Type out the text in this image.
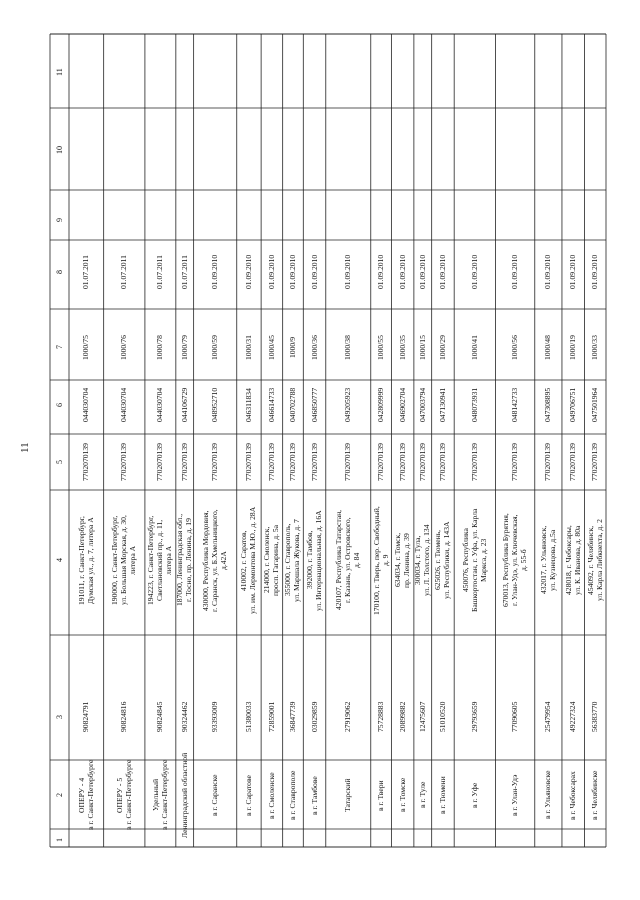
11
1
2
3
4
5
6
7
8
9
10
11
ОПЕРУ - 4 в г. Санкт-Петербурге
90824791
191011, г. Санкт-Петербург, Думская ул., д. 7, литера А
7702070139
044030704
1000/75
01.07.2011
ОПЕРУ - 5 в г. Санкт-Петербурге
90824816
190000, г. Санкт-Петербург, ул. Большая Морская, д. 30, литера А
7702070139
044030704
1000/76
01.07.2011
Удельный в г. Санкт-Петербурге
90824845
194223, г. Санкт-Петербург, Светлановский пр., д. 11, литера А
7702070139
044030704
1000/78
01.07.2011
Ленинградский областной
90324462
187000, Ленинградская обл., г. Тосно, пр. Ленина, д. 19
7702070139
044106729
1000/79
01.07.2011
в г. Саранске
93393009
430000, Республика Мордовия, г. Саранск, ул. Б.Хмельницкого, д.42А
7702070139
048952710
1000/59
01.09.2010
в г. Саратове
51380033
410002, г. Саратов, ул. им. Лермонтова М.Ю., д. 28А
7702070139
046311834
1000/31
01.09.2010
в г. Смоленске
72859001
214000, г. Смоленск, просп. Гагарина, д. 5а
7702070139
046614733
1000/45
01.09.2010
в г. Ставрополе
36847739
355000, г. Ставрополь, ул. Маршала Жукова, д. 7
7702070139
040702788
1000/9
01.09.2010
в г. Тамбове
03029859
392000, г. Тамбов, ул. Интернациональная, д. 16А
7702070139
046850777
1000/36
01.09.2010
Татарский
27919062
420107, Республика Татарстан, г. Казань, ул. Островского, д. 84
7702070139
049205923
1000/38
01.09.2010
в г. Твери
75728883
170100, г. Тверь, пер. Свободный, д. 9
7702070139
042809999
1000/55
01.09.2010
в г. Томске
20899882
634034, г. Томск, пр. Ленина, д. 39
7702070139
046902704
1000/35
01.09.2010
в г. Туле
12475607
300034, г. Тула, ул. Л. Толстого, д. 134
7702070139
047003794
1000/15
01.09.2010
в г. Тюмени
51010520
625026, г. Тюмень, ул. Республики, д. 143А
7702070139
047130941
1000/29
01.09.2010
в г. Уфе
29793659
450076, Республика Башкортостан, г. Уфа, ул. Карла Маркса, д. 23
7702070139
048073931
1000/41
01.09.2010
в г. Улан-Удэ
77090605
670013, Республика Бурятия, г. Улан-Удэ, ул. Ключевская, д. 55-б
7702070139
048142733
1000/56
01.09.2010
в г. Ульяновске
25479954
432017, г. Ульяновск, ул. Кузнецова, д.5а
7702070139
047308895
1000/48
01.09.2010
в г. Чебоксарах
49227324
428018, г. Чебоксары, ул. К. Иванова, д. 80а
7702070139
049706751
1000/19
01.09.2010
в г. Челябинске
56383770
454092, г. Челябинск, ул. Карла Либкнехта, д. 2
7702070139
047501964
1000/33
01.09.2010
